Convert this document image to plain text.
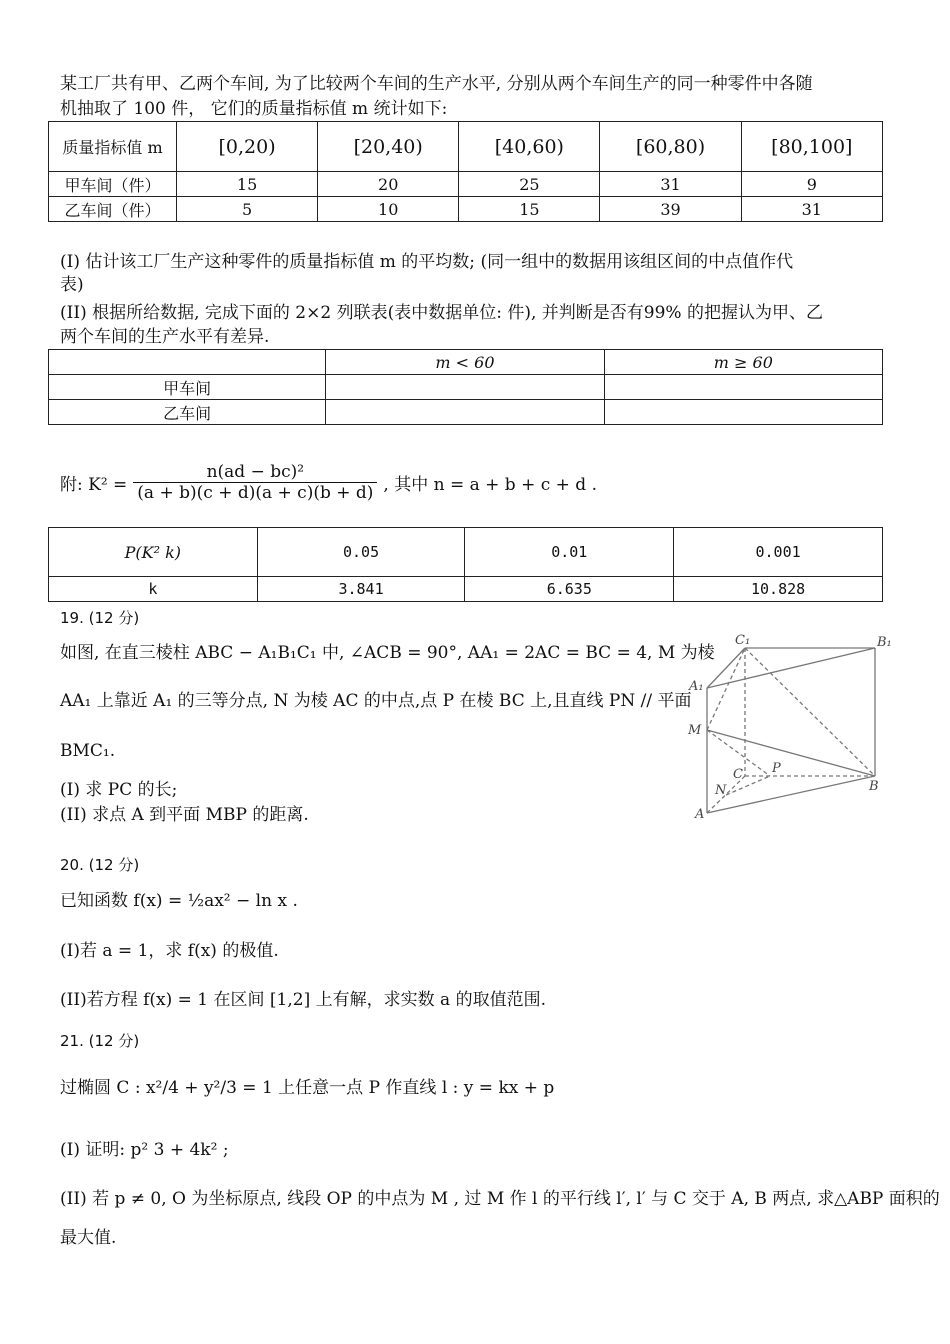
某工厂共有甲、乙两个车间, 为了比较两个车间的生产水平, 分别从两个车间生产的同一种零件中各随
机抽取了 100 件， 它们的质量指标值 m 统计如下:
质量指标值 m	[0,20)	[20,40)	[40,60)	[60,80)	[80,100]
甲车间（件）	15	20	25	31	9
乙车间（件）	5	10	15	39	31
(I) 估计该工厂生产这种零件的质量指标值 m 的平均数; (同一组中的数据用该组区间的中点值作代
表)
(II) 根据所给数据, 完成下面的 2×2 列联表(表中数据单位: 件), 并判断是否有99% 的把握认为甲、乙
两个车间的生产水平有差异.
	m < 60	m ≥ 60
甲车间		
乙车间		
附: $K^2 = \frac{\text{n(ad − bc)²}}{(a + b)(c + d)(a + c)(b + d)}$ , 其中 n = a + b + c + d .
P(K² k)	0.05	0.01	0.001
k	3.841	6.635	10.828
19. (12 分)
如图, 在直三棱柱 ABC − A₁B₁C₁ 中, ∠ACB = 90°, AA₁ = 2AC = BC = 4, M 为棱
AA₁ 上靠近 A₁ 的三等分点, N 为棱 AC 的中点,点 P 在棱 BC 上,且直线 PN // 平面
BMC₁.
(I) 求 PC 的长;
(II) 求点 A 到平面 MBP 的距离.
C₁	B₁
A₁
M
C P
N
A
B
20. (12 分)
已知函数 f(x) = ½ax² − ln x .
(I)若 a = 1，求 f(x) 的极值.
(II)若方程 f(x) = 1 在区间 [1,2] 上有解，求实数 a 的取值范围.
21. (12 分)
过椭圆 C : x²/4 + y²/3 = 1 上任意一点 P 作直线 l : y = kx + p
(I) 证明: p² 3 + 4k² ;
(II) 若 p ≠ 0, O 为坐标原点, 线段 OP 的中点为 M , 过 M 作 l 的平行线 l′, l′ 与 C 交于 A, B 两点, 求△ABP 面积的
最大值.
